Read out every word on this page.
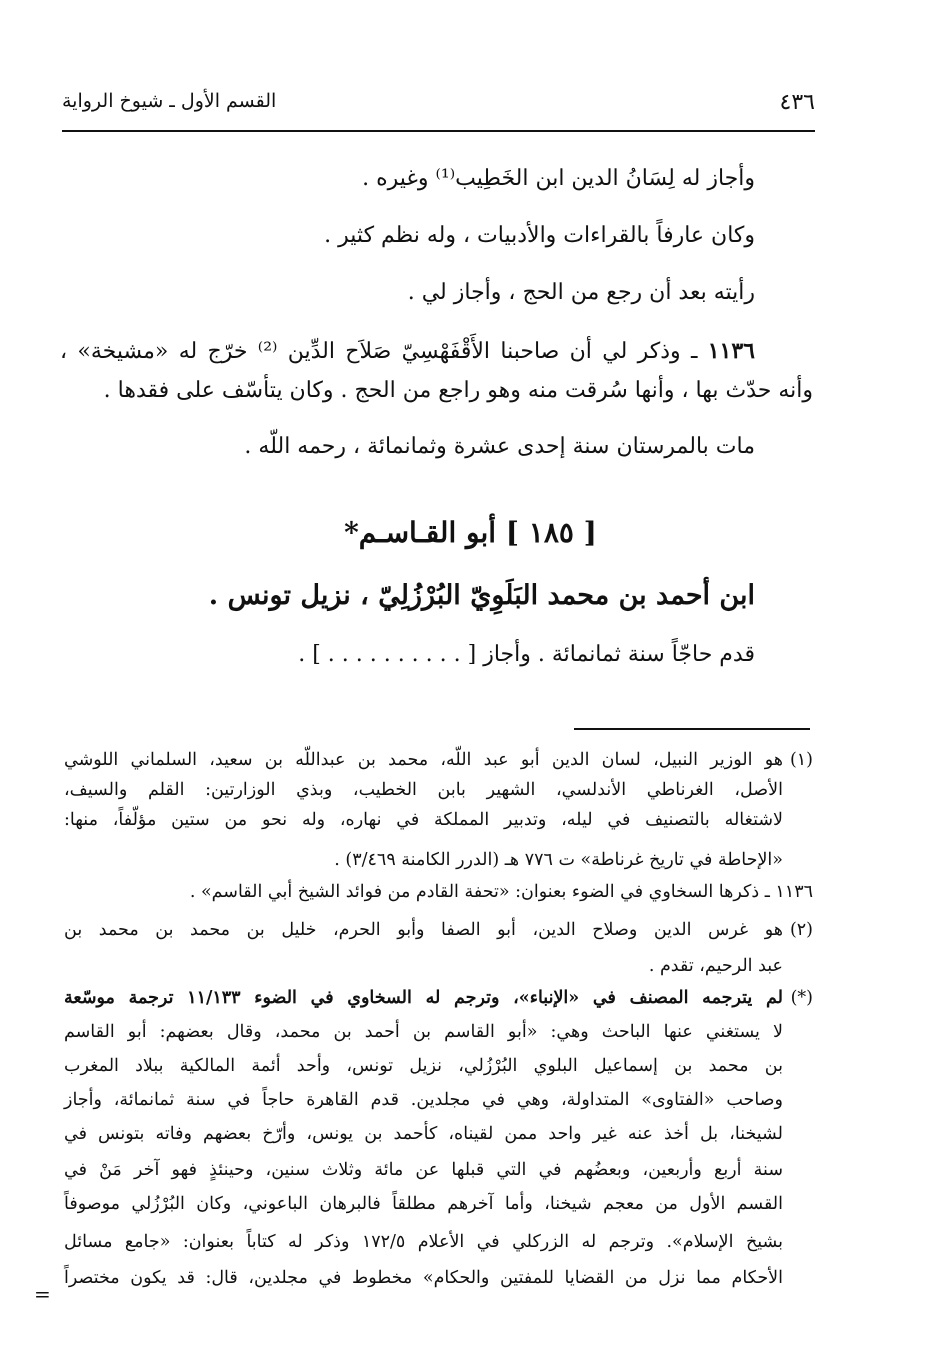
٤٣٦
القسم الأول ـ شيوخ الرواية
وأجاز له لِسَانُ الدين ابن الخَطِيب⁽¹⁾ وغيره .
وكان عارفاً بالقراءات والأدبيات ، وله نظم كثير .
رأيته بعد أن رجع من الحج ، وأجاز لي .
١١٣٦ ـ وذكر لي أن صاحبنا الأَقْفَهْسِيّ صَلاَح الدِّين ⁽²⁾ خرّج له «مشيخة» ،
وأنه حدّث بها ، وأنها سُرقت منه وهو راجع من الحج . وكان يتأسّف على فقدها .
مات بالمرستان سنة إحدى عشرة وثمانمائة ، رحمه اللّه .
[ ١٨٥ ] أبو القـاسـم*
ابن أحمد بن محمد البَلَوِيّ البُرْزُلِيّ ، نزيل تونس .
قدم حاجّاً سنة ثمانمائة . وأجاز [ . . . . . . . . . . ] .
(١)
هو الوزير النبيل، لسان الدين أبو عبد اللّه، محمد بن عبداللّه بن سعيد، السلماني اللوشي
الأصل، الغرناطي الأندلسي، الشهير بابن الخطيب، وبذي الوزارتين: القلم والسيف،
لاشتغاله بالتصنيف في ليله، وتدبير المملكة في نهاره، وله نحو من ستين مؤلّفاً، منها:
«الإحاطة في تاريخ غرناطة» ت ٧٧٦ هـ (الدرر الكامنة ٣/٤٦٩) .
١١٣٦ ـ ذكرها السخاوي في الضوء بعنوان: «تحفة القادم من فوائد الشيخ أبي القاسم» .
(٢)
هو غرس الدين وصلاح الدين، أبو الصفا وأبو الحرم، خليل بن محمد بن محمد بن
عبد الرحيم، تقدم .
(*)
لم يترجمه المصنف في «الإنباء»، وترجم له السخاوي في الضوء ١١/١٣٣ ترجمة موسّعة
لا يستغني عنها الباحث وهي: «أبو القاسم بن أحمد بن محمد، وقال بعضهم: أبو القاسم
بن محمد بن إسماعيل البلوي البُرْزُلي، نزيل تونس، وأحد أئمة المالكية ببلاد المغرب
وصاحب «الفتاوى» المتداولة، وهي في مجلدين. قدم القاهرة حاجاً في سنة ثمانمائة، وأجاز
لشيخنا، بل أخذ عنه غير واحد ممن لقيناه، كأحمد بن يونس، وأرّخ بعضهم وفاته بتونس في
سنة أربع وأربعين، وبعضُهم في التي قبلها عن مائة وثلاث سنين، وحينئذٍ فهو آخر مَنْ في
القسم الأول من معجم شيخنا، وأما آخرهم مطلقاً فالبرهان الباعوني، وكان البُرْزُلي موصوفاً
بشيخ الإسلام». وترجم له الزركلي في الأعلام ١٧٢/٥ وذكر له كتاباً بعنوان: «جامع مسائل
الأحكام مما نزل من القضايا للمفتين والحكام» مخطوط في مجلدين، قال: قد يكون مختصراً
=
